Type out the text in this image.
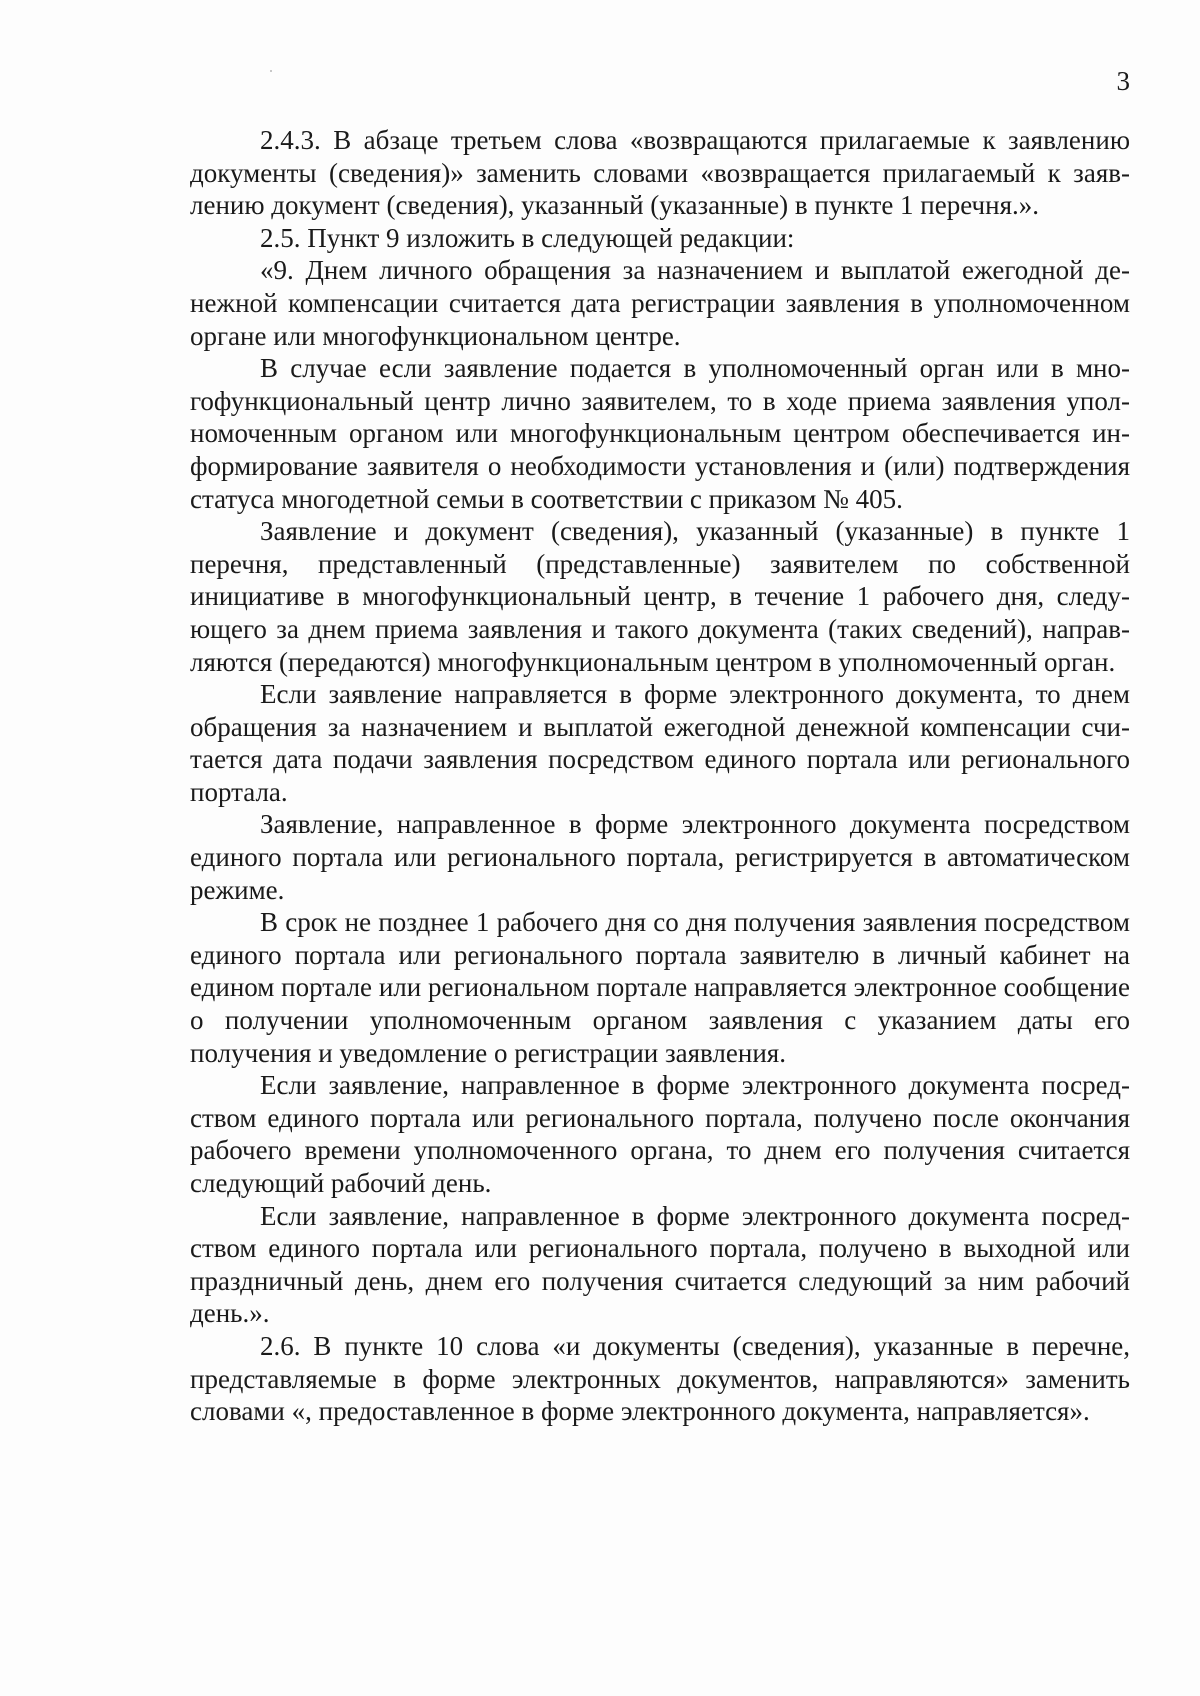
3

2.4.3. В абзаце третьем слова «возвращаются прилагаемые к заявлению документы (сведения)» заменить словами «возвращается прилагаемый к заявлению документ (сведения), указанный (указанные) в пункте 1 перечня.».

2.5. Пункт 9 изложить в следующей редакции:

«9. Днем личного обращения за назначением и выплатой ежегодной денежной компенсации считается дата регистрации заявления в уполномоченном органе или многофункциональном центре.

В случае если заявление подается в уполномоченный орган или в многофункциональный центр лично заявителем, то в ходе приема заявления уполномоченным органом или многофункциональным центром обеспечивается информирование заявителя о необходимости установления и (или) подтверждения статуса многодетной семьи в соответствии с приказом № 405.

Заявление и документ (сведения), указанный (указанные) в пункте 1 перечня, представленный (представленные) заявителем по собственной инициативе в многофункциональный центр, в течение 1 рабочего дня, следующего за днем приема заявления и такого документа (таких сведений), направляются (передаются) многофункциональным центром в уполномоченный орган.

Если заявление направляется в форме электронного документа, то днем обращения за назначением и выплатой ежегодной денежной компенсации считается дата подачи заявления посредством единого портала или регионального портала.

Заявление, направленное в форме электронного документа посредством единого портала или регионального портала, регистрируется в автоматическом режиме.

В срок не позднее 1 рабочего дня со дня получения заявления посредством единого портала или регионального портала заявителю в личный кабинет на едином портале или региональном портале направляется электронное сообщение о получении уполномоченным органом заявления с указанием даты его получения и уведомление о регистрации заявления.

Если заявление, направленное в форме электронного документа посредством единого портала или регионального портала, получено после окончания рабочего времени уполномоченного органа, то днем его получения считается следующий рабочий день.

Если заявление, направленное в форме электронного документа посредством единого портала или регионального портала, получено в выходной или праздничный день, днем его получения считается следующий за ним рабочий день.».

2.6. В пункте 10 слова «и документы (сведения), указанные в перечне, представляемые в форме электронных документов, направляются» заменить словами «, предоставленное в форме электронного документа, направляется».
